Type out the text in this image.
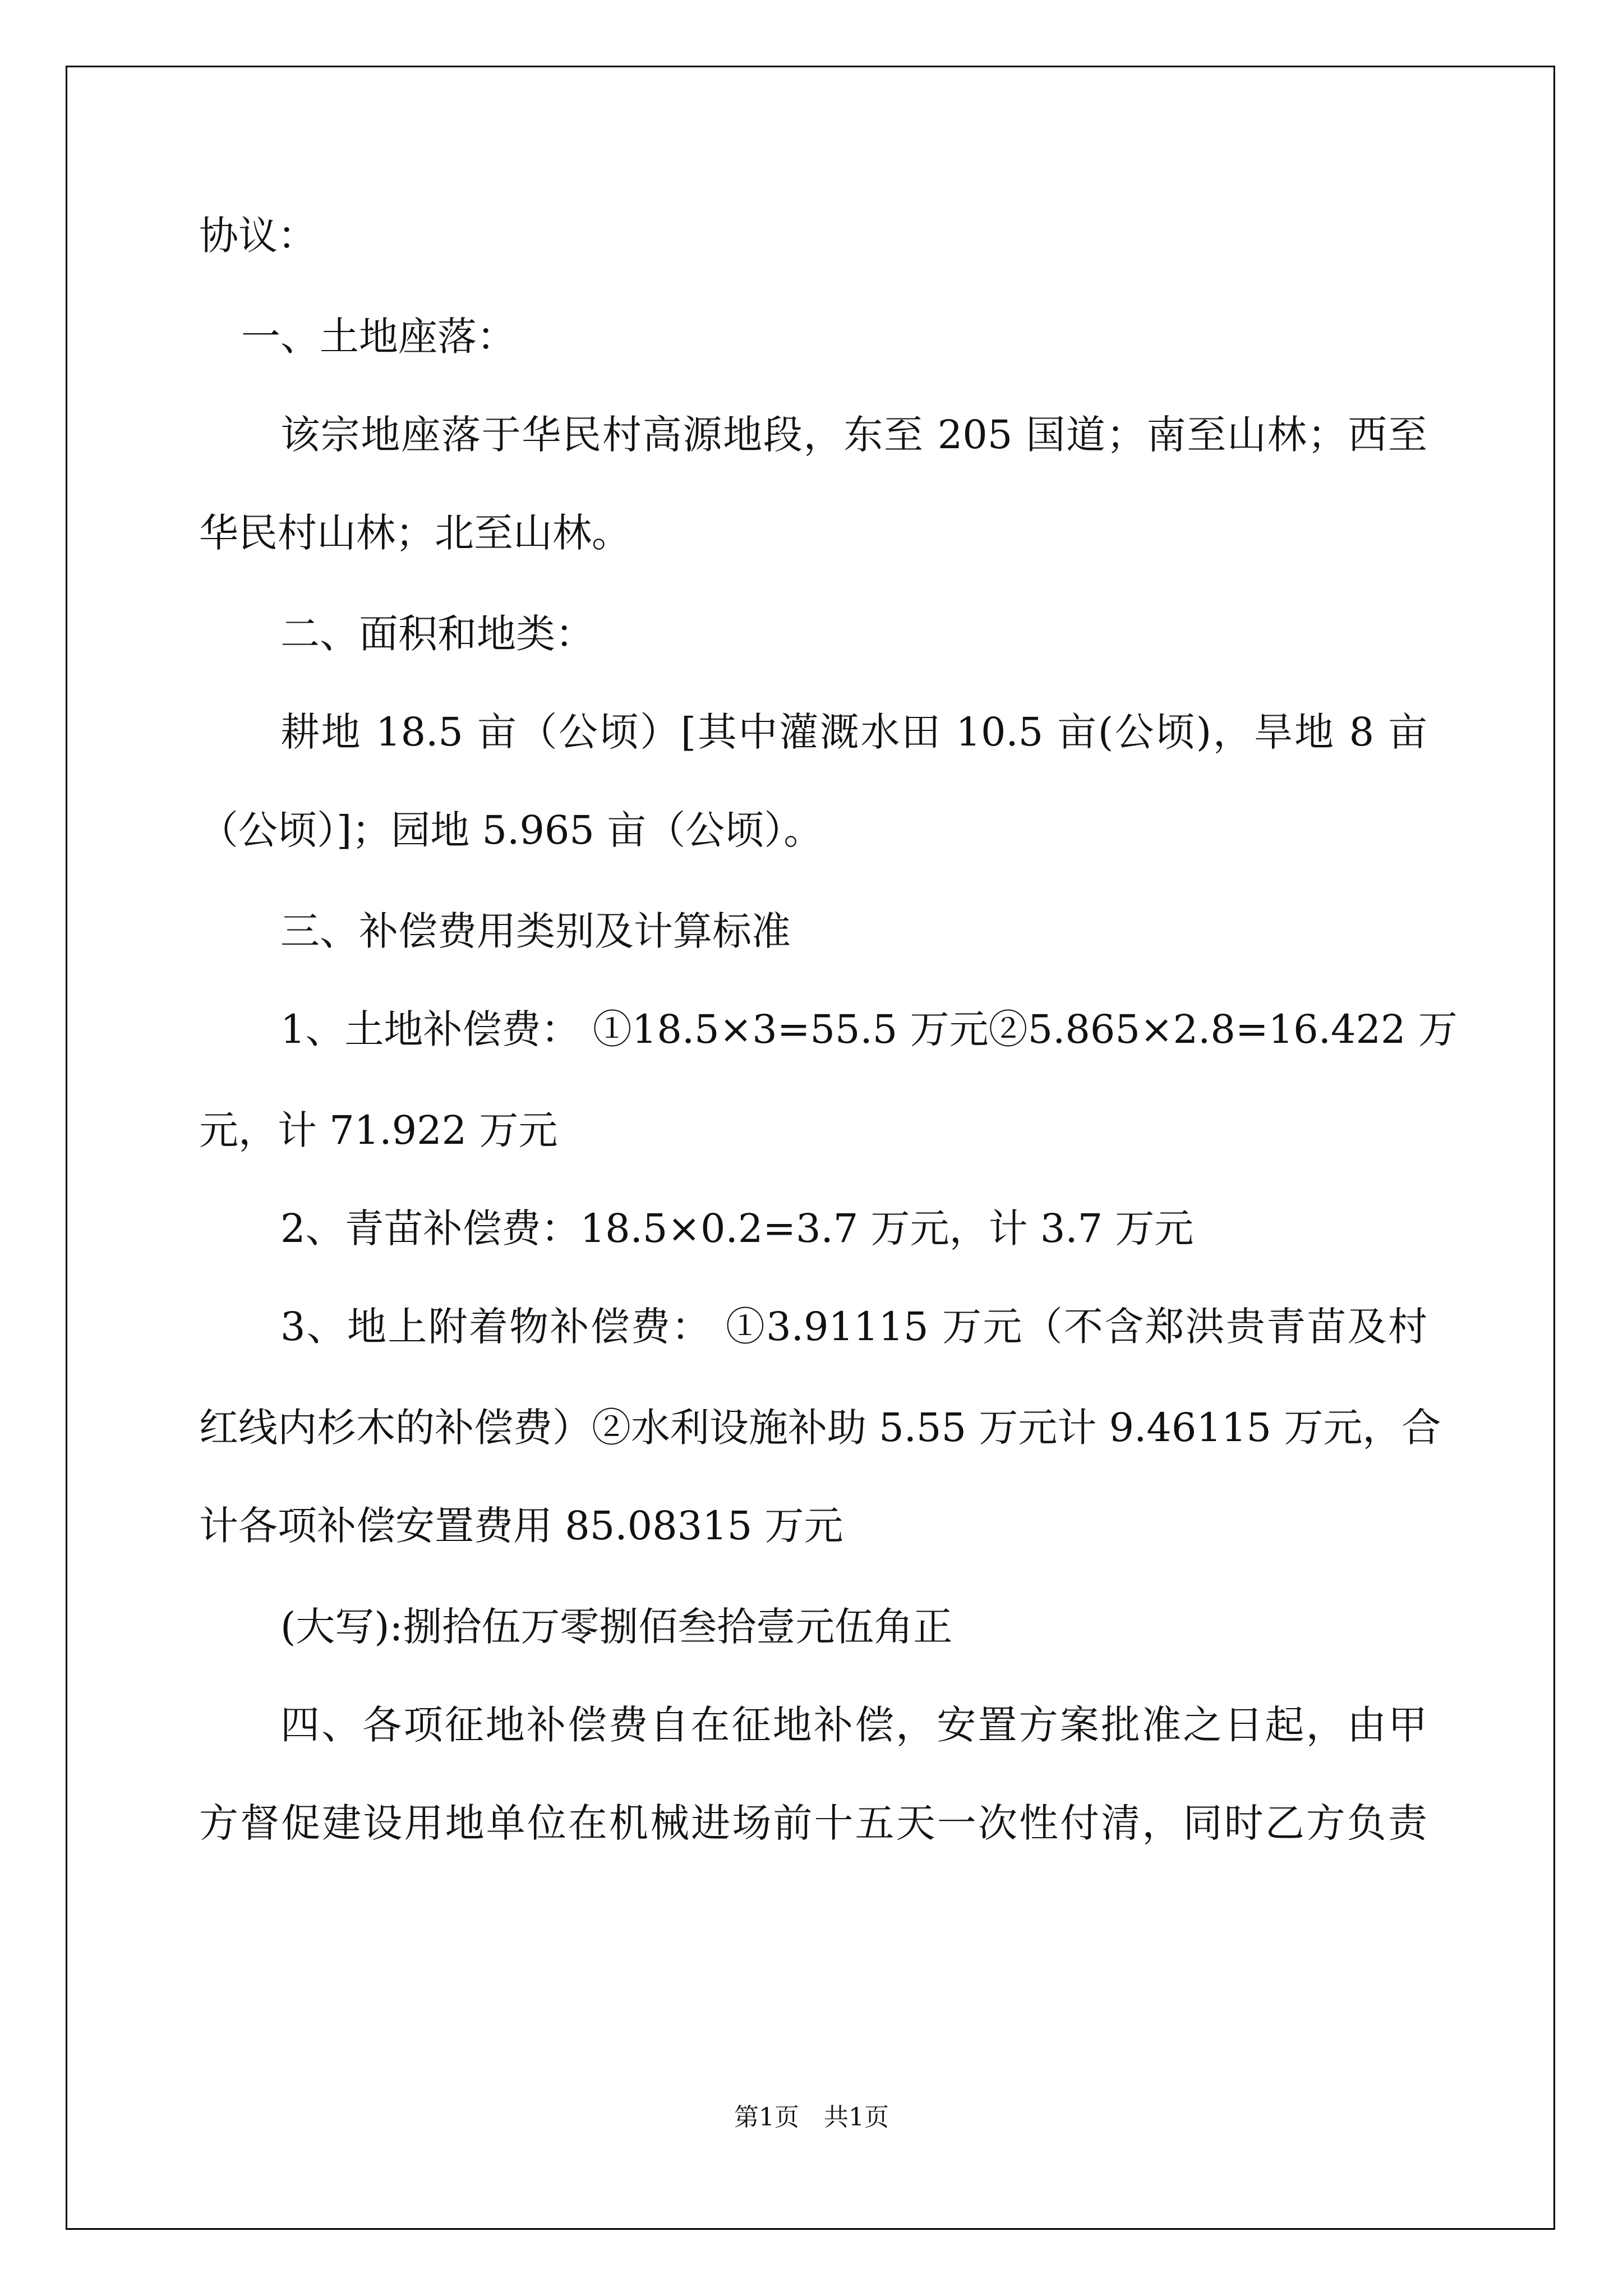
协议：
一、土地座落：
该宗地座落于华民村高源地段，东至 205 国道；南至山林；西至
华民村山林；北至山林。
二、面积和地类：
耕地 18.5 亩（公顷）[其中灌溉水田 10.5 亩(公顷)，旱地 8 亩
（公顷）]；园地 5.965 亩（公顷）。
三、补偿费用类别及计算标准
1、土地补偿费： ①18.5×3=55.5 万元②5.865×2.8=16.422 万
元，计 71.922 万元
2、青苗补偿费：18.5×0.2=3.7 万元，计 3.7 万元
3、地上附着物补偿费： ①3.91115 万元（不含郑洪贵青苗及村
红线内杉木的补偿费）②水利设施补助 5.55 万元计 9.46115 万元，合
计各项补偿安置费用 85.08315 万元
(大写):捌拾伍万零捌佰叁拾壹元伍角正
四、各项征地补偿费自在征地补偿，安置方案批准之日起，由甲
方督促建设用地单位在机械进场前十五天一次性付清，同时乙方负责
第1页　共1页
